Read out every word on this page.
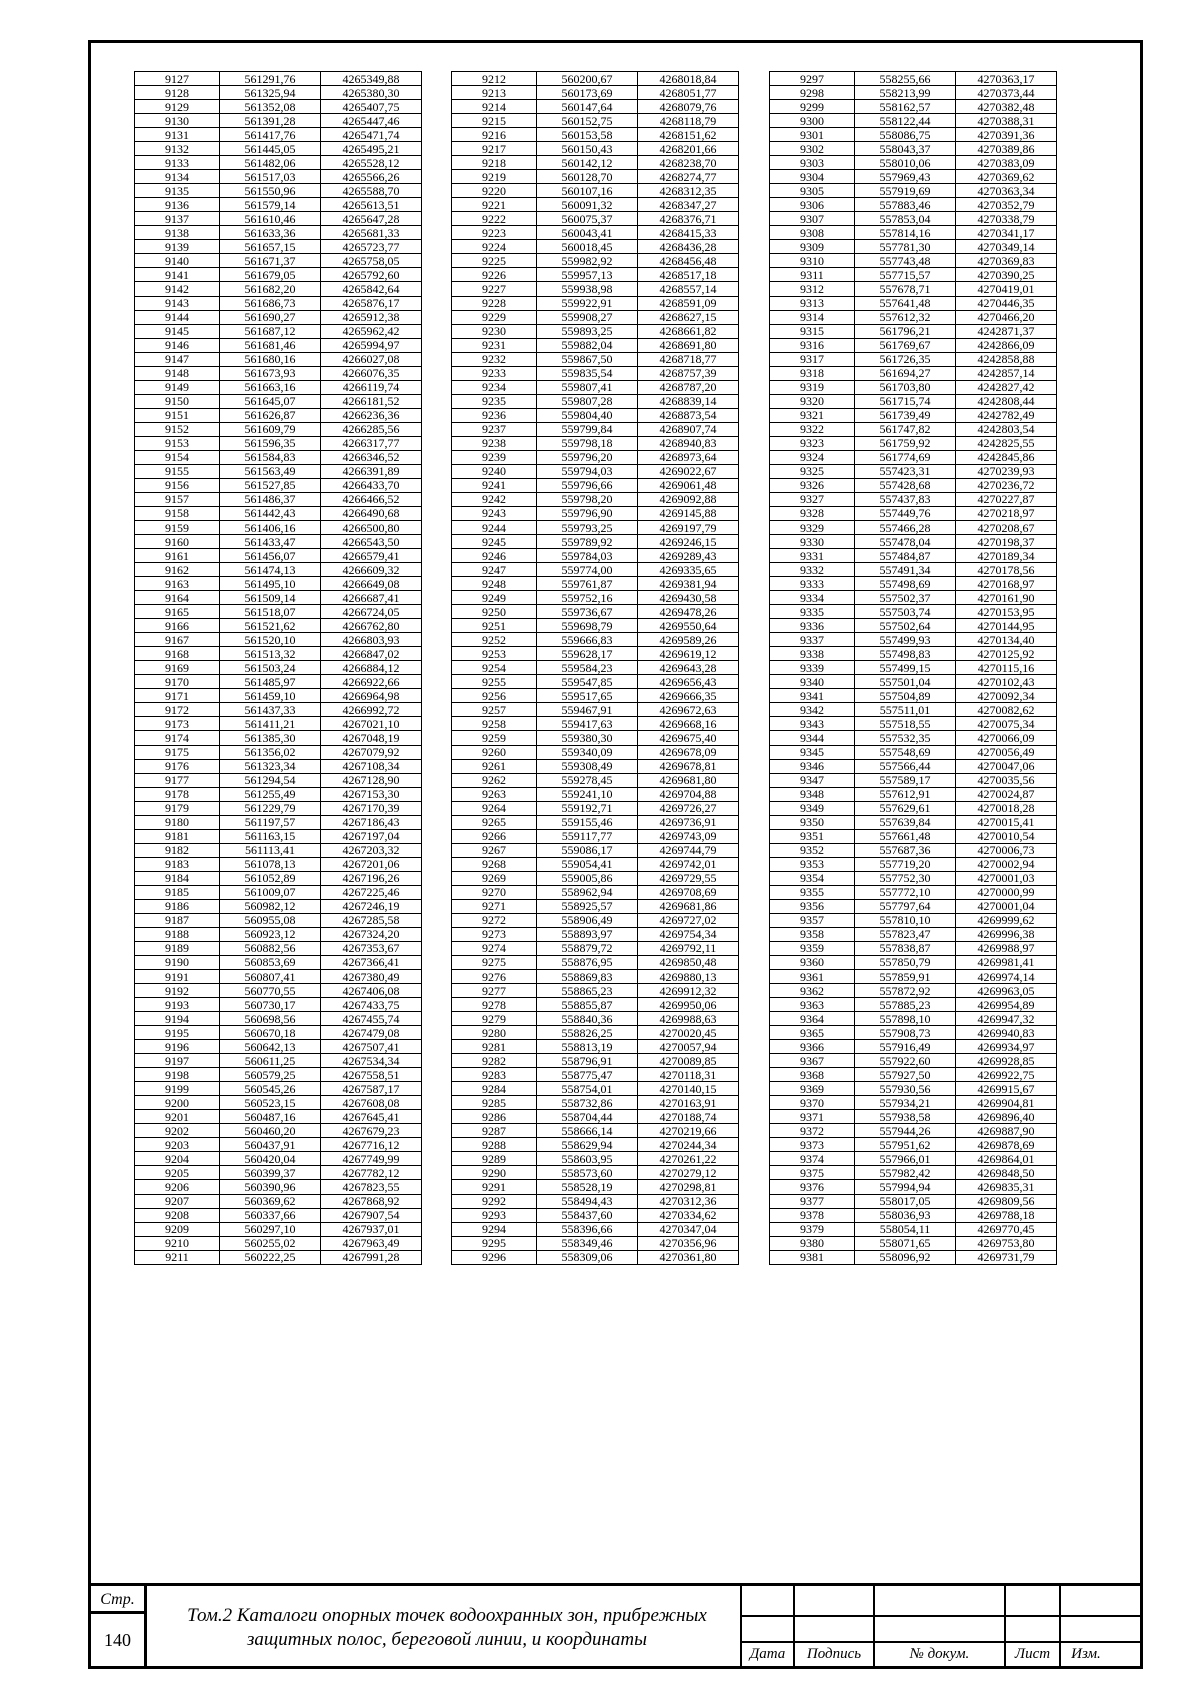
9127	561291,76	4265349,88
9128	561325,94	4265380,30
9129	561352,08	4265407,75
9130	561391,28	4265447,46
9131	561417,76	4265471,74
9132	561445,05	4265495,21
9133	561482,06	4265528,12
9134	561517,03	4265566,26
9135	561550,96	4265588,70
9136	561579,14	4265613,51
9137	561610,46	4265647,28
9138	561633,36	4265681,33
9139	561657,15	4265723,77
9140	561671,37	4265758,05
9141	561679,05	4265792,60
9142	561682,20	4265842,64
9143	561686,73	4265876,17
9144	561690,27	4265912,38
9145	561687,12	4265962,42
9146	561681,46	4265994,97
9147	561680,16	4266027,08
9148	561673,93	4266076,35
9149	561663,16	4266119,74
9150	561645,07	4266181,52
9151	561626,87	4266236,36
9152	561609,79	4266285,56
9153	561596,35	4266317,77
9154	561584,83	4266346,52
9155	561563,49	4266391,89
9156	561527,85	4266433,70
9157	561486,37	4266466,52
9158	561442,43	4266490,68
9159	561406,16	4266500,80
9160	561433,47	4266543,50
9161	561456,07	4266579,41
9162	561474,13	4266609,32
9163	561495,10	4266649,08
9164	561509,14	4266687,41
9165	561518,07	4266724,05
9166	561521,62	4266762,80
9167	561520,10	4266803,93
9168	561513,32	4266847,02
9169	561503,24	4266884,12
9170	561485,97	4266922,66
9171	561459,10	4266964,98
9172	561437,33	4266992,72
9173	561411,21	4267021,10
9174	561385,30	4267048,19
9175	561356,02	4267079,92
9176	561323,34	4267108,34
9177	561294,54	4267128,90
9178	561255,49	4267153,30
9179	561229,79	4267170,39
9180	561197,57	4267186,43
9181	561163,15	4267197,04
9182	561113,41	4267203,32
9183	561078,13	4267201,06
9184	561052,89	4267196,26
9185	561009,07	4267225,46
9186	560982,12	4267246,19
9187	560955,08	4267285,58
9188	560923,12	4267324,20
9189	560882,56	4267353,67
9190	560853,69	4267366,41
9191	560807,41	4267380,49
9192	560770,55	4267406,08
9193	560730,17	4267433,75
9194	560698,56	4267455,74
9195	560670,18	4267479,08
9196	560642,13	4267507,41
9197	560611,25	4267534,34
9198	560579,25	4267558,51
9199	560545,26	4267587,17
9200	560523,15	4267608,08
9201	560487,16	4267645,41
9202	560460,20	4267679,23
9203	560437,91	4267716,12
9204	560420,04	4267749,99
9205	560399,37	4267782,12
9206	560390,96	4267823,55
9207	560369,62	4267868,92
9208	560337,66	4267907,54
9209	560297,10	4267937,01
9210	560255,02	4267963,49
9211	560222,25	4267991,28
9212	560200,67	4268018,84
9213	560173,69	4268051,77
9214	560147,64	4268079,76
9215	560152,75	4268118,79
9216	560153,58	4268151,62
9217	560150,43	4268201,66
9218	560142,12	4268238,70
9219	560128,70	4268274,77
9220	560107,16	4268312,35
9221	560091,32	4268347,27
9222	560075,37	4268376,71
9223	560043,41	4268415,33
9224	560018,45	4268436,28
9225	559982,92	4268456,48
9226	559957,13	4268517,18
9227	559938,98	4268557,14
9228	559922,91	4268591,09
9229	559908,27	4268627,15
9230	559893,25	4268661,82
9231	559882,04	4268691,80
9232	559867,50	4268718,77
9233	559835,54	4268757,39
9234	559807,41	4268787,20
9235	559807,28	4268839,14
9236	559804,40	4268873,54
9237	559799,84	4268907,74
9238	559798,18	4268940,83
9239	559796,20	4268973,64
9240	559794,03	4269022,67
9241	559796,66	4269061,48
9242	559798,20	4269092,88
9243	559796,90	4269145,88
9244	559793,25	4269197,79
9245	559789,92	4269246,15
9246	559784,03	4269289,43
9247	559774,00	4269335,65
9248	559761,87	4269381,94
9249	559752,16	4269430,58
9250	559736,67	4269478,26
9251	559698,79	4269550,64
9252	559666,83	4269589,26
9253	559628,17	4269619,12
9254	559584,23	4269643,28
9255	559547,85	4269656,43
9256	559517,65	4269666,35
9257	559467,91	4269672,63
9258	559417,63	4269668,16
9259	559380,30	4269675,40
9260	559340,09	4269678,09
9261	559308,49	4269678,81
9262	559278,45	4269681,80
9263	559241,10	4269704,88
9264	559192,71	4269726,27
9265	559155,46	4269736,91
9266	559117,77	4269743,09
9267	559086,17	4269744,79
9268	559054,41	4269742,01
9269	559005,86	4269729,55
9270	558962,94	4269708,69
9271	558925,57	4269681,86
9272	558906,49	4269727,02
9273	558893,97	4269754,34
9274	558879,72	4269792,11
9275	558876,95	4269850,48
9276	558869,83	4269880,13
9277	558865,23	4269912,32
9278	558855,87	4269950,06
9279	558840,36	4269988,63
9280	558826,25	4270020,45
9281	558813,19	4270057,94
9282	558796,91	4270089,85
9283	558775,47	4270118,31
9284	558754,01	4270140,15
9285	558732,86	4270163,91
9286	558704,44	4270188,74
9287	558666,14	4270219,66
9288	558629,94	4270244,34
9289	558603,95	4270261,22
9290	558573,60	4270279,12
9291	558528,19	4270298,81
9292	558494,43	4270312,36
9293	558437,60	4270334,62
9294	558396,66	4270347,04
9295	558349,46	4270356,96
9296	558309,06	4270361,80
9297	558255,66	4270363,17
9298	558213,99	4270373,44
9299	558162,57	4270382,48
9300	558122,44	4270388,31
9301	558086,75	4270391,36
9302	558043,37	4270389,86
9303	558010,06	4270383,09
9304	557969,43	4270369,62
9305	557919,69	4270363,34
9306	557883,46	4270352,79
9307	557853,04	4270338,79
9308	557814,16	4270341,17
9309	557781,30	4270349,14
9310	557743,48	4270369,83
9311	557715,57	4270390,25
9312	557678,71	4270419,01
9313	557641,48	4270446,35
9314	557612,32	4270466,20
9315	561796,21	4242871,37
9316	561769,67	4242866,09
9317	561726,35	4242858,88
9318	561694,27	4242857,14
9319	561703,80	4242827,42
9320	561715,74	4242808,44
9321	561739,49	4242782,49
9322	561747,82	4242803,54
9323	561759,92	4242825,55
9324	561774,69	4242845,86
9325	557423,31	4270239,93
9326	557428,68	4270236,72
9327	557437,83	4270227,87
9328	557449,76	4270218,97
9329	557466,28	4270208,67
9330	557478,04	4270198,37
9331	557484,87	4270189,34
9332	557491,34	4270178,56
9333	557498,69	4270168,97
9334	557502,37	4270161,90
9335	557503,74	4270153,95
9336	557502,64	4270144,95
9337	557499,93	4270134,40
9338	557498,83	4270125,92
9339	557499,15	4270115,16
9340	557501,04	4270102,43
9341	557504,89	4270092,34
9342	557511,01	4270082,62
9343	557518,55	4270075,34
9344	557532,35	4270066,09
9345	557548,69	4270056,49
9346	557566,44	4270047,06
9347	557589,17	4270035,56
9348	557612,91	4270024,87
9349	557629,61	4270018,28
9350	557639,84	4270015,41
9351	557661,48	4270010,54
9352	557687,36	4270006,73
9353	557719,20	4270002,94
9354	557752,30	4270001,03
9355	557772,10	4270000,99
9356	557797,64	4270001,04
9357	557810,10	4269999,62
9358	557823,47	4269996,38
9359	557838,87	4269988,97
9360	557850,79	4269981,41
9361	557859,91	4269974,14
9362	557872,92	4269963,05
9363	557885,23	4269954,89
9364	557898,10	4269947,32
9365	557908,73	4269940,83
9366	557916,49	4269934,97
9367	557922,60	4269928,85
9368	557927,50	4269922,75
9369	557930,56	4269915,67
9370	557934,21	4269904,81
9371	557938,58	4269896,40
9372	557944,26	4269887,90
9373	557951,62	4269878,69
9374	557966,01	4269864,01
9375	557982,42	4269848,50
9376	557994,94	4269835,31
9377	558017,05	4269809,56
9378	558036,93	4269788,18
9379	558054,11	4269770,45
9380	558071,65	4269753,80
9381	558096,92	4269731,79
Стр.
140
Том.2 Каталоги опорных точек водоохранных зон, прибрежных
защитных полос, береговой линии, и координаты
Дата	Подпись	№ докум.	Лист	Изм.
